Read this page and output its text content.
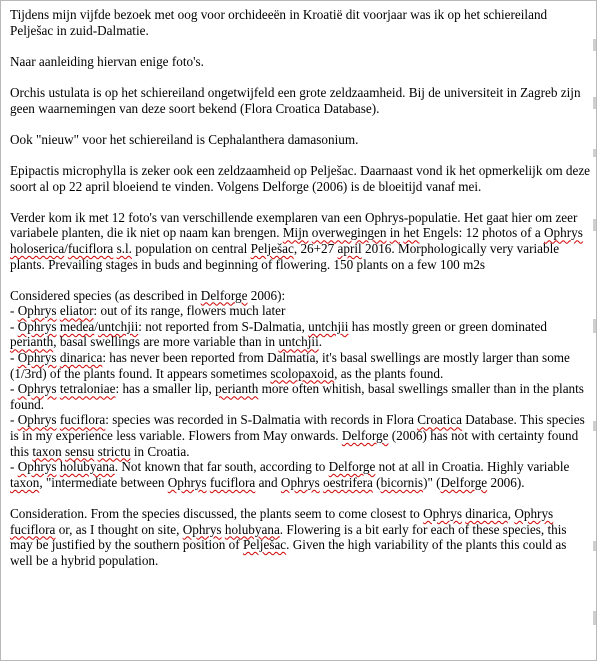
Tijdens mijn vijfde bezoek met oog voor orchideeën in Kroatië dit voorjaar was ik op het schiereiland Pelješac in zuid-Dalmatie.

Naar aanleiding hiervan enige foto's.

Orchis ustulata is op het schiereiland ongetwijfeld een grote zeldzaamheid. Bij de universiteit in Zagreb zijn geen waarnemingen van deze soort bekend (Flora Croatica Database).

Ook "nieuw" voor het schiereiland is Cephalanthera damasonium.

Epipactis microphylla is zeker ook een zeldzaamheid op Pelješac. Daarnaast vond ik het opmerkelijk om deze soort al op 22 april bloeiend te vinden. Volgens Delforge (2006) is de bloeitijd vanaf mei.

Verder kom ik met 12 foto's van verschillende exemplaren van een Ophrys-populatie. Het gaat hier om zeer variabele planten, die ik niet op naam kan brengen. Mijn overwegingen in het Engels: 12 photos of a Ophrys holoserica/fuciflora s.l. population on central Pelješac, 26+27 april 2016. Morphologically very variable plants. Prevailing stages in buds and beginning of flowering. 150 plants on a few 100 m2s

Considered species (as described in Delforge 2006):

- Ophrys eliator: out of its range, flowers much later

- Ophrys medea/untchjii: not reported from S-Dalmatia, untchjii has mostly green or green dominated perianth, basal swellings are more variable than in untchjii.

- Ophrys dinarica: has never been reported from Dalmatia, it's basal swellings are mostly larger than some (1/3rd) of the plants found. It appears sometimes scolopaxoid, as the plants found.

- Ophrys tetraloniae: has a smaller lip, perianth more often whitish, basal swellings smaller than in the plants found.

- Ophrys fuciflora: species was recorded in S-Dalmatia with records in Flora Croatica Database. This species is in my experience less variable. Flowers from May onwards. Delforge (2006) has not with certainty found this taxon sensu strictu in Croatia.

- Ophrys holubyana. Not known that far south, according to Delforge not at all in Croatia. Highly variable taxon, "intermediate between Ophrys fuciflora and Ophrys oestrifera (bicornis)" (Delforge 2006).

Consideration. From the species discussed, the plants seem to come closest to Ophrys dinarica, Ophrys fuciflora or, as I thought on site, Ophrys holubyana. Flowering is a bit early for each of these species, this may be justified by the southern position of Pelješac. Given the high variability of the plants this could as well be a hybrid population.
